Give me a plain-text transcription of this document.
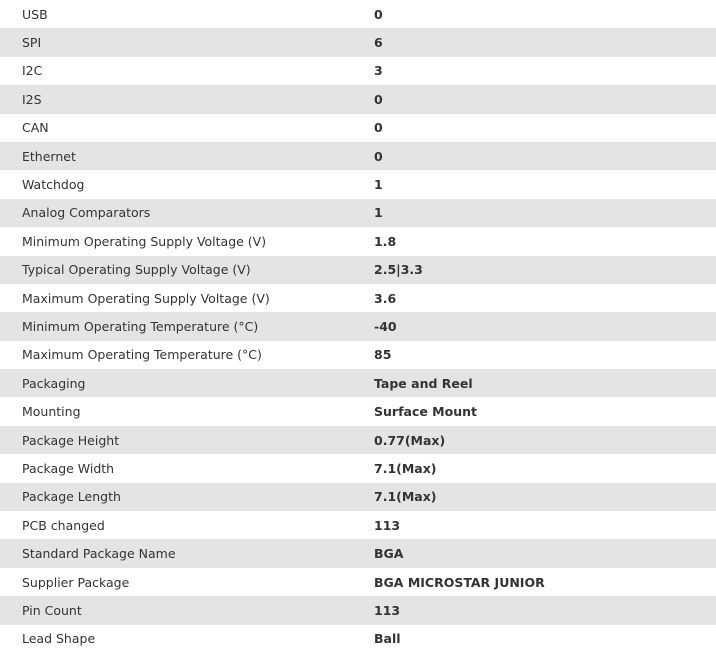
USB	0
SPI	6
I2C	3
I2S	0
CAN	0
Ethernet	0
Watchdog	1
Analog Comparators	1
Minimum Operating Supply Voltage (V)	1.8
Typical Operating Supply Voltage (V)	2.5|3.3
Maximum Operating Supply Voltage (V)	3.6
Minimum Operating Temperature (°C)	-40
Maximum Operating Temperature (°C)	85
Packaging	Tape and Reel
Mounting	Surface Mount
Package Height	0.77(Max)
Package Width	7.1(Max)
Package Length	7.1(Max)
PCB changed	113
Standard Package Name	BGA
Supplier Package	BGA MICROSTAR JUNIOR
Pin Count	113
Lead Shape	Ball
